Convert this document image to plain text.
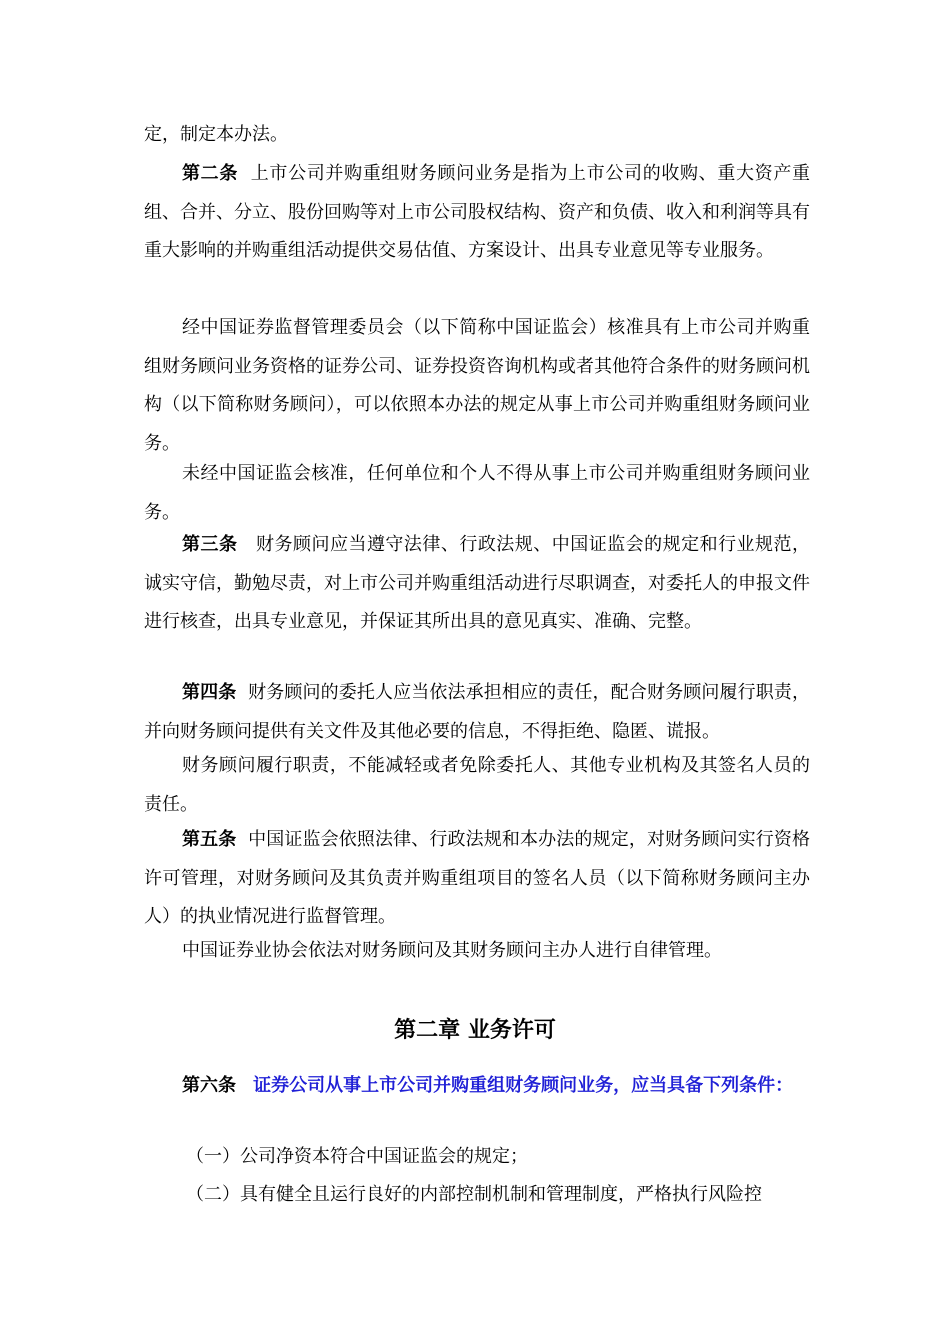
定，制定本办法。
第二条  上市公司并购重组财务顾问业务是指为上市公司的收购、重大资产重组、合并、分立、股份回购等对上市公司股权结构、资产和负债、收入和利润等具有重大影响的并购重组活动提供交易估值、方案设计、出具专业意见等专业服务。
经中国证券监督管理委员会（以下简称中国证监会）核准具有上市公司并购重组财务顾问业务资格的证券公司、证券投资咨询机构或者其他符合条件的财务顾问机构（以下简称财务顾问），可以依照本办法的规定从事上市公司并购重组财务顾问业务。
未经中国证监会核准，任何单位和个人不得从事上市公司并购重组财务顾问业务。
第三条   财务顾问应当遵守法律、行政法规、中国证监会的规定和行业规范，诚实守信，勤勉尽责，对上市公司并购重组活动进行尽职调查，对委托人的申报文件进行核查，出具专业意见，并保证其所出具的意见真实、准确、完整。
第四条  财务顾问的委托人应当依法承担相应的责任，配合财务顾问履行职责，并向财务顾问提供有关文件及其他必要的信息，不得拒绝、隐匿、谎报。
财务顾问履行职责，不能减轻或者免除委托人、其他专业机构及其签名人员的责任。
第五条  中国证监会依照法律、行政法规和本办法的规定，对财务顾问实行资格许可管理，对财务顾问及其负责并购重组项目的签名人员（以下简称财务顾问主办人）的执业情况进行监督管理。
中国证券业协会依法对财务顾问及其财务顾问主办人进行自律管理。
第二章 业务许可
第六条 证券公司从事上市公司并购重组财务顾问业务，应当具备下列条件：
（一）公司净资本符合中国证监会的规定；
（二）具有健全且运行良好的内部控制机制和管理制度，严格执行风险控
